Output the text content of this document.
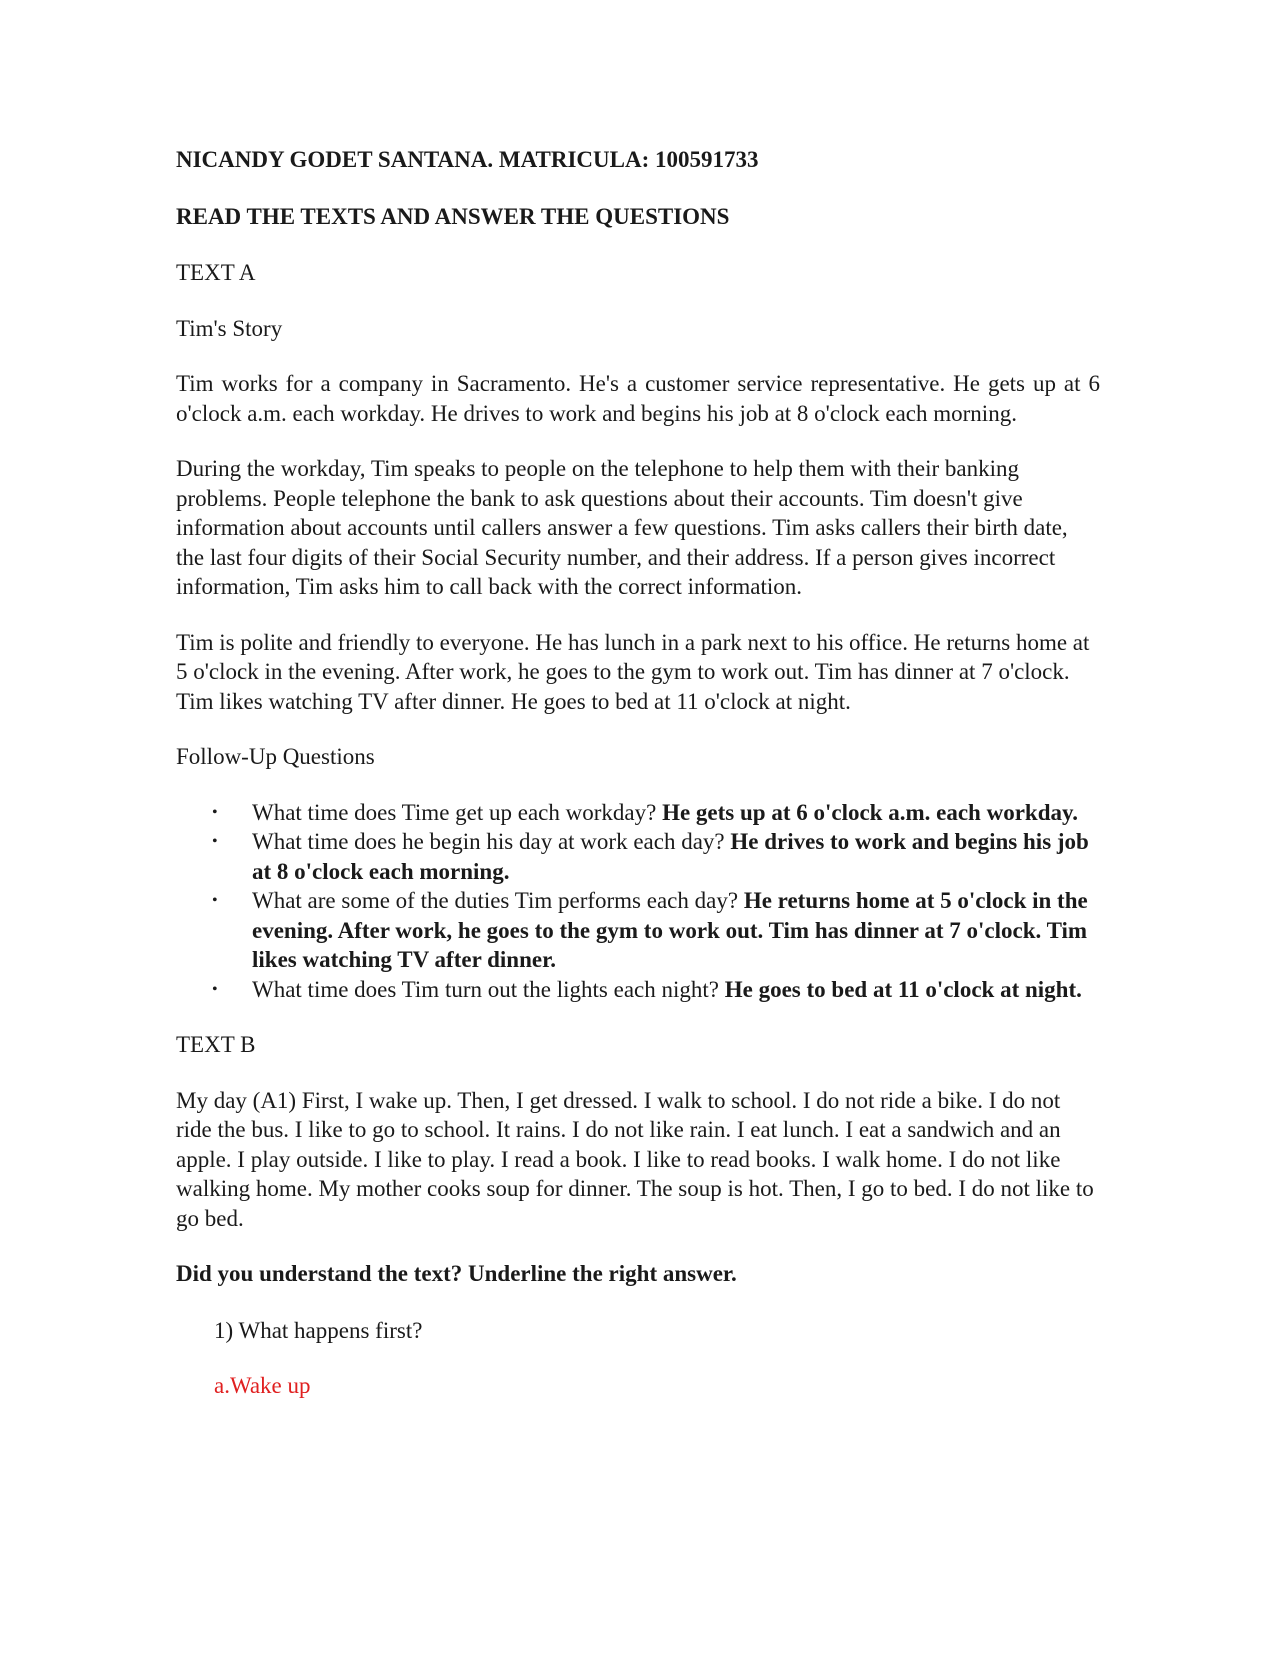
NICANDY GODET SANTANA. MATRICULA: 100591733

READ THE TEXTS AND ANSWER THE QUESTIONS

TEXT A

Tim's Story

Tim works for a company in Sacramento. He's a customer service representative. He gets up at 6 o'clock a.m. each workday. He drives to work and begins his job at 8 o'clock each morning.

During the workday, Tim speaks to people on the telephone to help them with their banking problems. People telephone the bank to ask questions about their accounts. Tim doesn't give information about accounts until callers answer a few questions. Tim asks callers their birth date, the last four digits of their Social Security number, and their address. If a person gives incorrect information, Tim asks him to call back with the correct information.

Tim is polite and friendly to everyone. He has lunch in a park next to his office. He returns home at 5 o'clock in the evening. After work, he goes to the gym to work out. Tim has dinner at 7 o'clock. Tim likes watching TV after dinner. He goes to bed at 11 o'clock at night.

Follow-Up Questions

• What time does Time get up each workday? He gets up at 6 o'clock a.m. each workday.
• What time does he begin his day at work each day? He drives to work and begins his job at 8 o'clock each morning.
• What are some of the duties Tim performs each day? He returns home at 5 o'clock in the evening. After work, he goes to the gym to work out. Tim has dinner at 7 o'clock. Tim likes watching TV after dinner.
• What time does Tim turn out the lights each night? He goes to bed at 11 o'clock at night.

TEXT B

My day (A1) First, I wake up. Then, I get dressed. I walk to school. I do not ride a bike. I do not ride the bus. I like to go to school. It rains. I do not like rain. I eat lunch. I eat a sandwich and an apple. I play outside. I like to play. I read a book. I like to read books. I walk home. I do not like walking home. My mother cooks soup for dinner. The soup is hot. Then, I go to bed. I do not like to go bed.

Did you understand the text? Underline the right answer.

1) What happens first?

a.Wake up
